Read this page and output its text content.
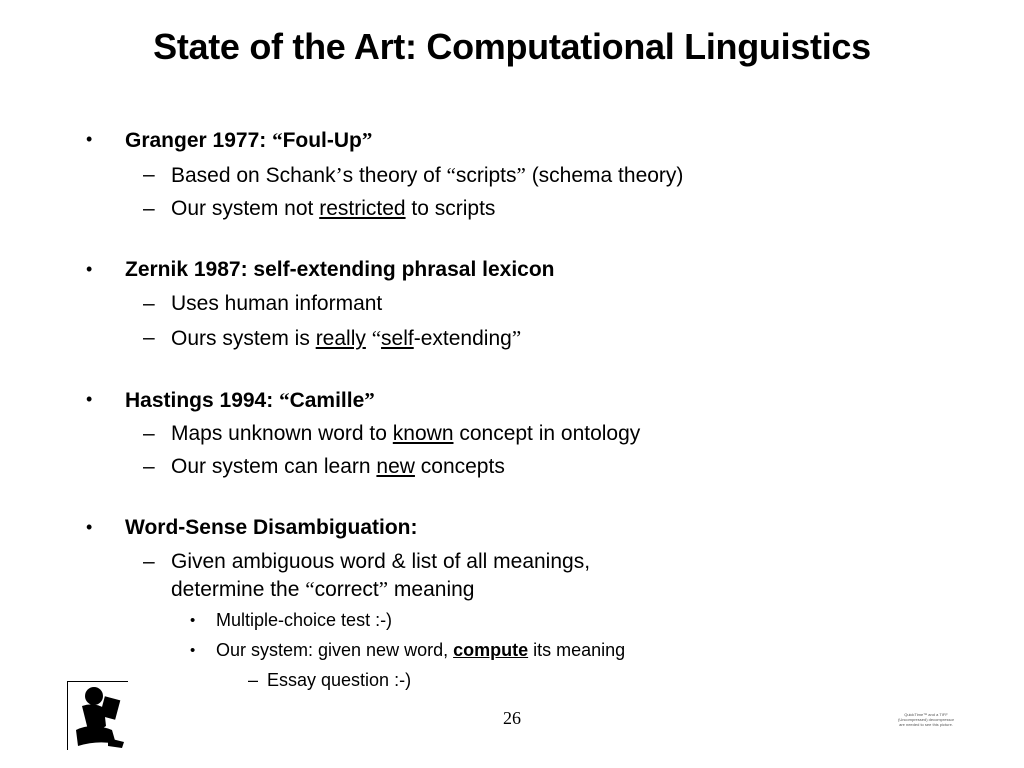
State of the Art: Computational Linguistics
• Granger 1977: “Foul-Up”
– Based on Schank’s theory of “scripts” (schema theory)
– Our system not restricted to scripts
• Zernik 1987: self-extending phrasal lexicon
– Uses human informant
– Ours system is really “self-extending”
• Hastings 1994: “Camille”
– Maps unknown word to known concept in ontology
– Our system can learn new concepts
• Word-Sense Disambiguation:
– Given ambiguous word & list of all meanings,
determine the “correct” meaning
• Multiple-choice test :-)
• Our system: given new word, compute its meaning
– Essay question :-)
26	QuickTime™ and a TIFF (Uncompressed) decompressor are needed to see this picture.
